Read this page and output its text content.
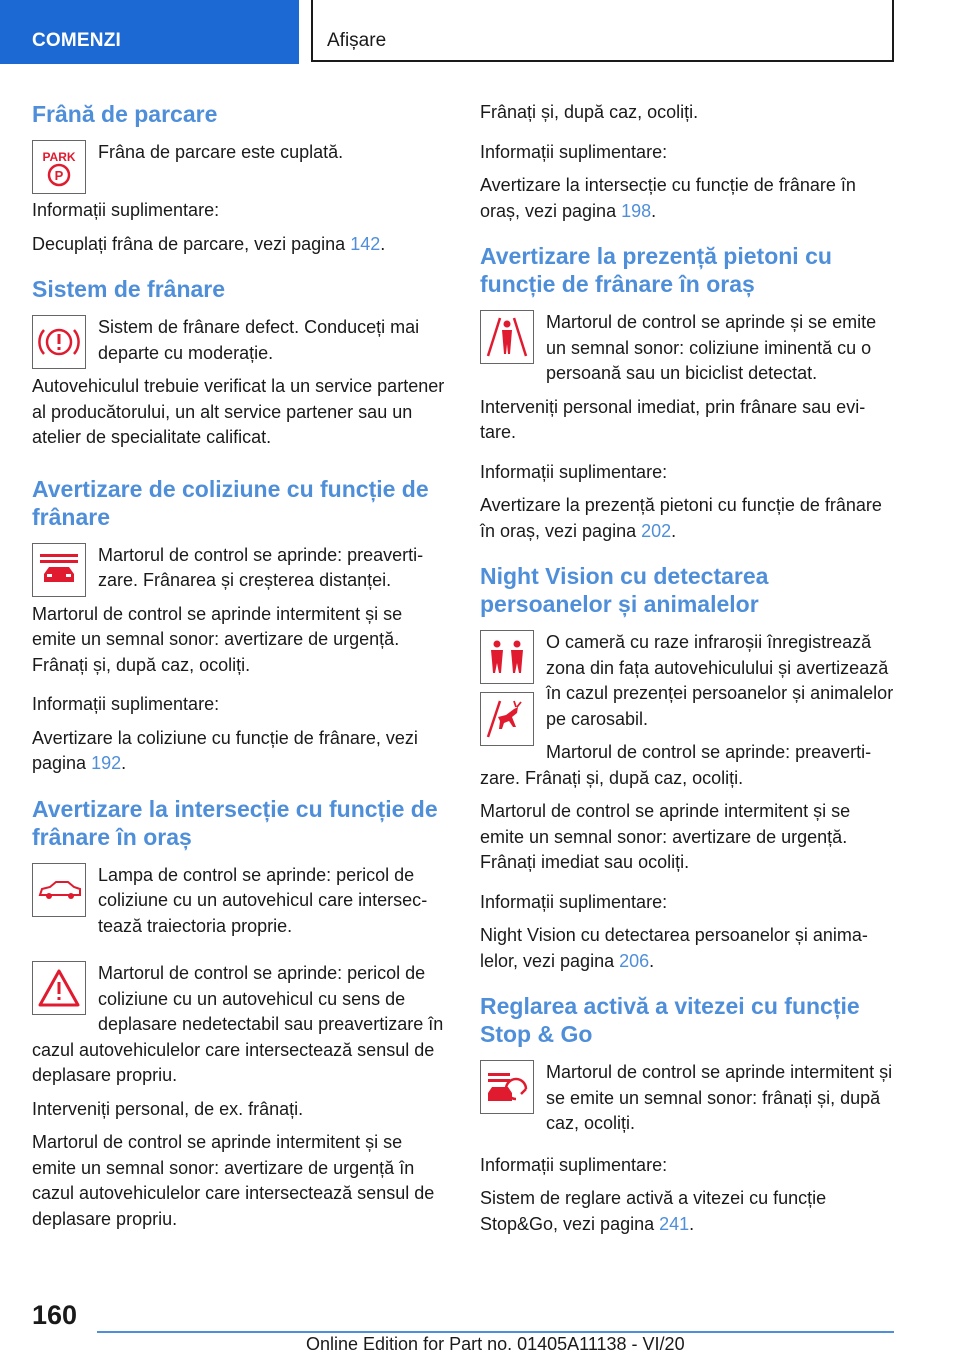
COMENZI	Afișare
Frână de parcare
PARK
P

Frâna de parcare este cuplată.

Informații suplimentare:

Decuplați frâna de parcare, vezi pagina 142.

Sistem de frânare

Sistem de frânare defect. Conduceți mai departe cu moderație.

Autovehiculul trebuie verificat la un service partener al producătorului, un alt service partener sau un atelier de specialitate calificat.

Avertizare de coliziune cu funcție de frânare

Martorul de control se aprinde: preavertizare. Frânarea și creșterea distanței.

Martorul de control se aprinde intermitent și se emite un semnal sonor: avertizare de urgență. Frânați și, după caz, ocoliți.

Informații suplimentare:

Avertizare la coliziune cu funcție de frânare, vezi pagina 192.

Avertizare la intersecție cu funcție de frânare în oraș

Lampa de control se aprinde: pericol de coliziune cu un autovehicul care intersectează traiectoria proprie.

Martorul de control se aprinde: pericol de coliziune cu un autovehicul cu sens de deplasare nedetectabil sau preavertizare în cazul autovehiculelor care intersectează sensul de deplasare propriu.

Interveniți personal, de ex. frânați.

Martorul de control se aprinde intermitent și se emite un semnal sonor: avertizare de urgență în cazul autovehiculelor care intersectează sensul de deplasare propriu.

Frânați și, după caz, ocoliți.

Informații suplimentare:

Avertizare la intersecție cu funcție de frânare în oraș, vezi pagina 198.

Avertizare la prezență pietoni cu funcție de frânare în oraș

Martorul de control se aprinde și se emite un semnal sonor: coliziune iminentă cu o persoană sau un biciclist detectat.

Interveniți personal imediat, prin frânare sau evitare.

Informații suplimentare:

Avertizare la prezență pietoni cu funcție de frânare în oraș, vezi pagina 202.

Night Vision cu detectarea persoanelor și animalelor

O cameră cu raze infraroșii înregistrează zona din fața autovehiculului și avertizează în cazul prezenței persoanelor și animalelor pe carosabil.

Martorul de control se aprinde: preavertizare. Frânați și, după caz, ocoliți.

Martorul de control se aprinde intermitent și se emite un semnal sonor: avertizare de urgență. Frânați imediat sau ocoliți.

Informații suplimentare:

Night Vision cu detectarea persoanelor și animalelor, vezi pagina 206.

Reglarea activă a vitezei cu funcție Stop & Go

Martorul de control se aprinde intermitent și se emite un semnal sonor: frânați și, după caz, ocoliți.

Informații suplimentare:

Sistem de reglare activă a vitezei cu funcție Stop&Go, vezi pagina 241.

160
Online Edition for Part no. 01405A11138 - VI/20
